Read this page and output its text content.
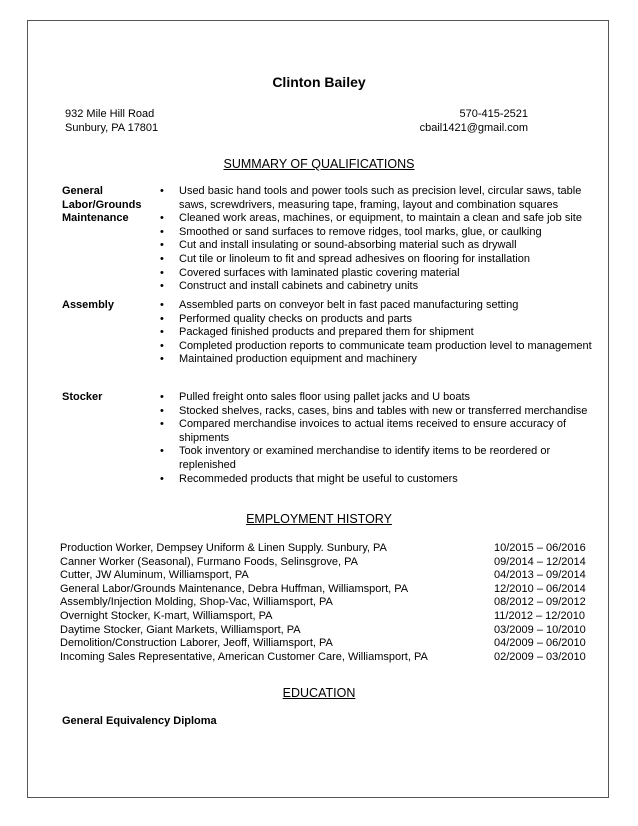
Clinton Bailey
932 Mile Hill Road
Sunbury, PA 17801
570-415-2521
cbail1421@gmail.com
SUMMARY OF QUALIFICATIONS
General Labor/Grounds Maintenance
• Used basic hand tools and power tools such as precision level, circular saws, table saws, screwdrivers, measuring tape, framing, layout and combination squares
• Cleaned work areas, machines, or equipment, to maintain a clean and safe job site
• Smoothed or sand surfaces to remove ridges, tool marks, glue, or caulking
• Cut and install insulating or sound-absorbing material such as drywall
• Cut tile or linoleum to fit and spread adhesives on flooring for installation
• Covered surfaces with laminated plastic covering material
• Construct and install cabinets and cabinetry units
Assembly	• Assembled parts on conveyor belt in fast paced manufacturing setting
• Performed quality checks on products and parts
• Packaged finished products and prepared them for shipment
• Completed production reports to communicate team production level to management
• Maintained production equipment and machinery
Stocker	• Pulled freight onto sales floor using pallet jacks and U boats
• Stocked shelves, racks, cases, bins and tables with new or transferred merchandise
• Compared merchandise invoices to actual items received to ensure accuracy of shipments
• Took inventory or examined merchandise to identify items to be reordered or replenished
• Recommeded products that might be useful to customers
EMPLOYMENT HISTORY
Production Worker, Dempsey Uniform & Linen Supply. Sunbury, PA	10/2015 – 06/2016
Canner Worker (Seasonal), Furmano Foods, Selinsgrove, PA	09/2014 – 12/2014
Cutter, JW Aluminum, Williamsport, PA	04/2013 – 09/2014
General Labor/Grounds Maintenance, Debra Huffman, Williamsport, PA	12/2010 – 06/2014
Assembly/Injection Molding, Shop-Vac, Williamsport, PA	08/2012 – 09/2012
Overnight Stocker, K-mart, Williamsport, PA	11/2012 – 12/2010
Daytime Stocker, Giant Markets, Williamsport, PA	03/2009 – 10/2010
Demolition/Construction Laborer, Jeoff, Williamsport, PA	04/2009 – 06/2010
Incoming Sales Representative, American Customer Care, Williamsport, PA	02/2009 – 03/2010
EDUCATION
General Equivalency Diploma
